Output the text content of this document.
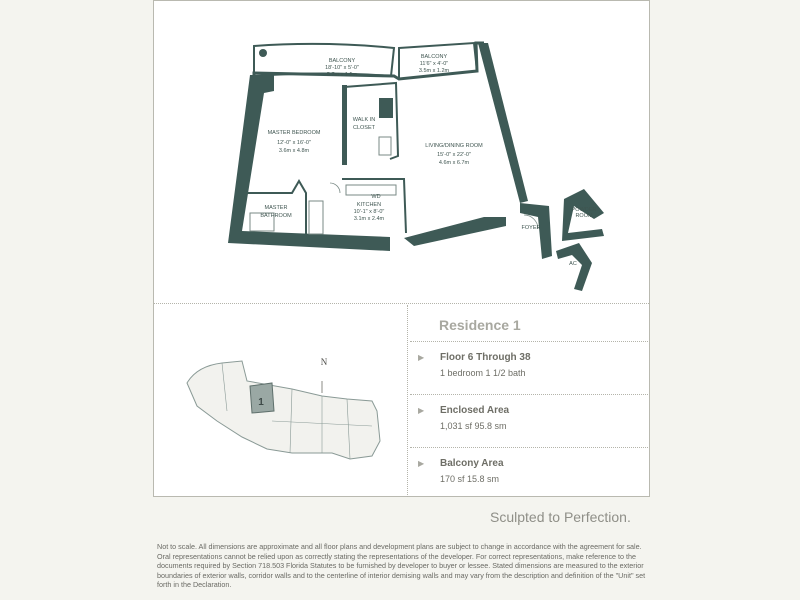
BALCONY
18'-10" x 5'-0"
5.7m x 1.5m
BALCONY
11'6" x 4'-0"
3.5m x 1.2m
MASTER BEDROOM
12'-0" x 16'-0"
3.6m x 4.8m
WALK IN
CLOSET
LIVING/DINING ROOM
15'-0" x 22'-0"
4.6m x 6.7m
WD
KITCHEN
10'-1" x 8'-0"
3.1m x 2.4m
MASTER
BATHROOM
FOYER
POWDER
ROOM
AC
N
1
Residence 1
▶ Floor 6 Through 38
1 bedroom 1 1/2 bath
▶ Enclosed Area
1,031 sf 95.8 sm
▶ Balcony Area
170 sf 15.8 sm
Sculpted to Perfection.
Not to scale. All dimensions are approximate and all floor plans and development plans are subject to change in accordance with the agreement for sale. Oral representations cannot be relied upon as correctly stating the representations of the developer. For correct representations, make reference to the documents required by Section 718.503 Florida Statutes to be furnished by developer to buyer or lessee. Stated dimensions are measured to the exterior boundaries of exterior walls, corridor walls and to the centerline of interior demising walls and may vary from the description and definition of the "Unit" set forth in the Declaration.
